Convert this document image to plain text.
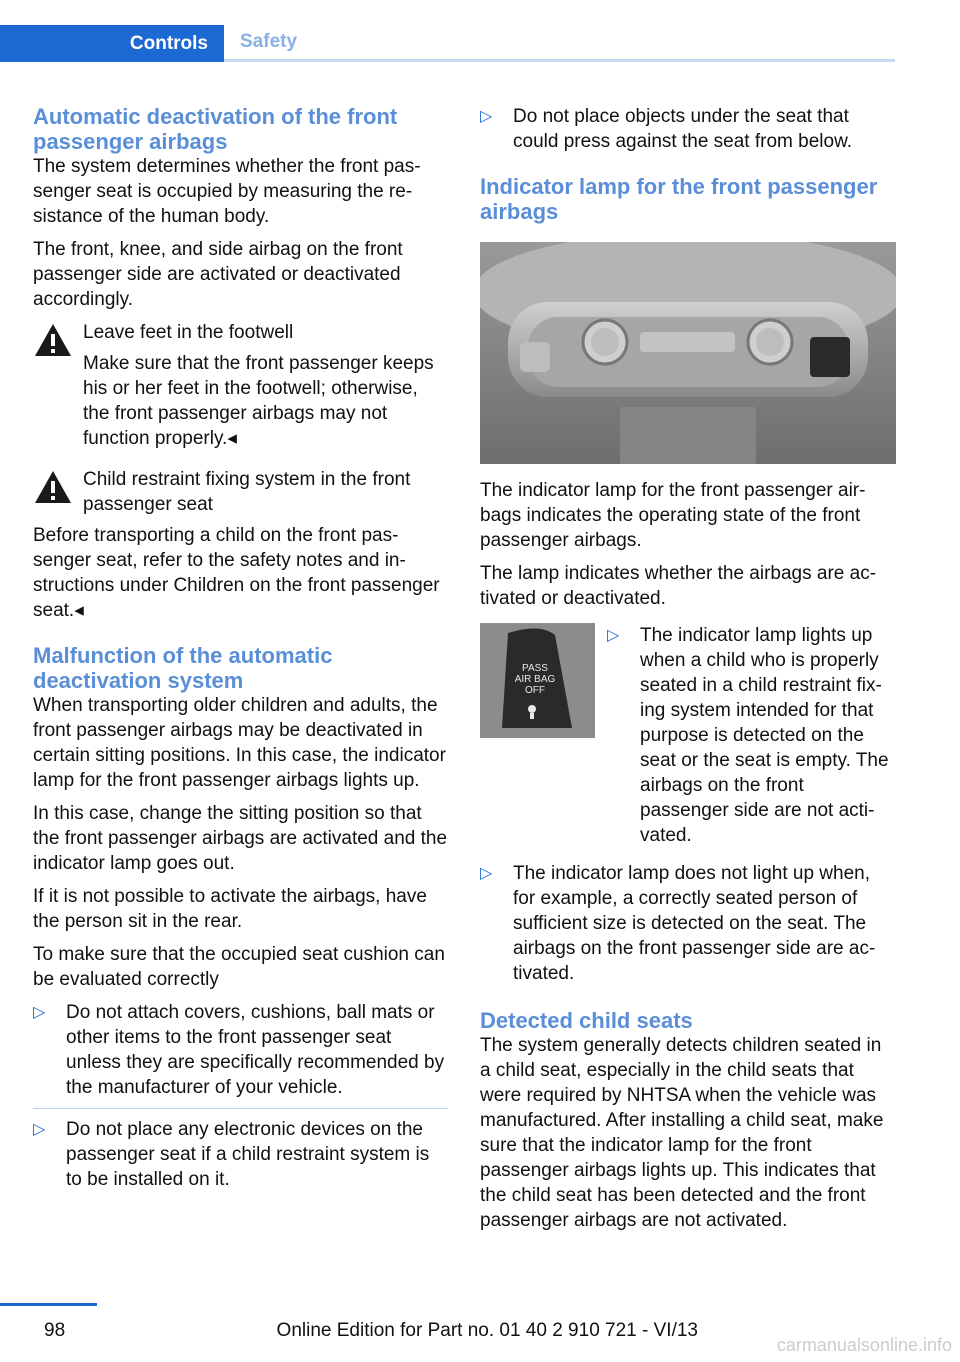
Controls Safety
Automatic deactivation of the front passenger airbags

The system determines whether the front passenger seat is occupied by measuring the resistance of the human body.

The front, knee, and side airbag on the front passenger side are activated or deactivated accordingly.

Leave feet in the footwell

Make sure that the front passenger keeps his or her feet in the footwell; otherwise, the front passenger airbags may not function properly.◂

Child restraint fixing system in the front passenger seat

Before transporting a child on the front passenger seat, refer to the safety notes and instructions under Children on the front passenger seat.◂

Malfunction of the automatic deactivation system

When transporting older children and adults, the front passenger airbags may be deactivated in certain sitting positions. In this case, the indicator lamp for the front passenger airbags lights up.

In this case, change the sitting position so that the front passenger airbags are activated and the indicator lamp goes out.

If it is not possible to activate the airbags, have the person sit in the rear.

To make sure that the occupied seat cushion can be evaluated correctly

▷ Do not attach covers, cushions, ball mats or other items to the front passenger seat unless they are specifically recommended by the manufacturer of your vehicle.
▷ Do not place any electronic devices on the passenger seat if a child restraint system is to be installed on it.
▷ Do not place objects under the seat that could press against the seat from below.
Indicator lamp for the front passenger airbags

The indicator lamp for the front passenger airbags indicates the operating state of the front passenger airbags.

The lamp indicates whether the airbags are activated or deactivated.

PASS
AIR BAG
OFF
▷ The indicator lamp lights up when a child who is properly seated in a child restraint fixing system intended for that purpose is detected on the seat or the seat is empty. The airbags on the front passenger side are not activated.
▷ The indicator lamp does not light up when, for example, a correctly seated person of sufficient size is detected on the seat. The airbags on the front passenger side are activated.
Detected child seats

The system generally detects children seated in a child seat, especially in the child seats that were required by NHTSA when the vehicle was manufactured. After installing a child seat, make sure that the indicator lamp for the front passenger airbags lights up. This indicates that the child seat has been detected and the front passenger airbags are not activated.

98	Online Edition for Part no. 01 40 2 910 721 - VI/13
carmanualsonline.info
